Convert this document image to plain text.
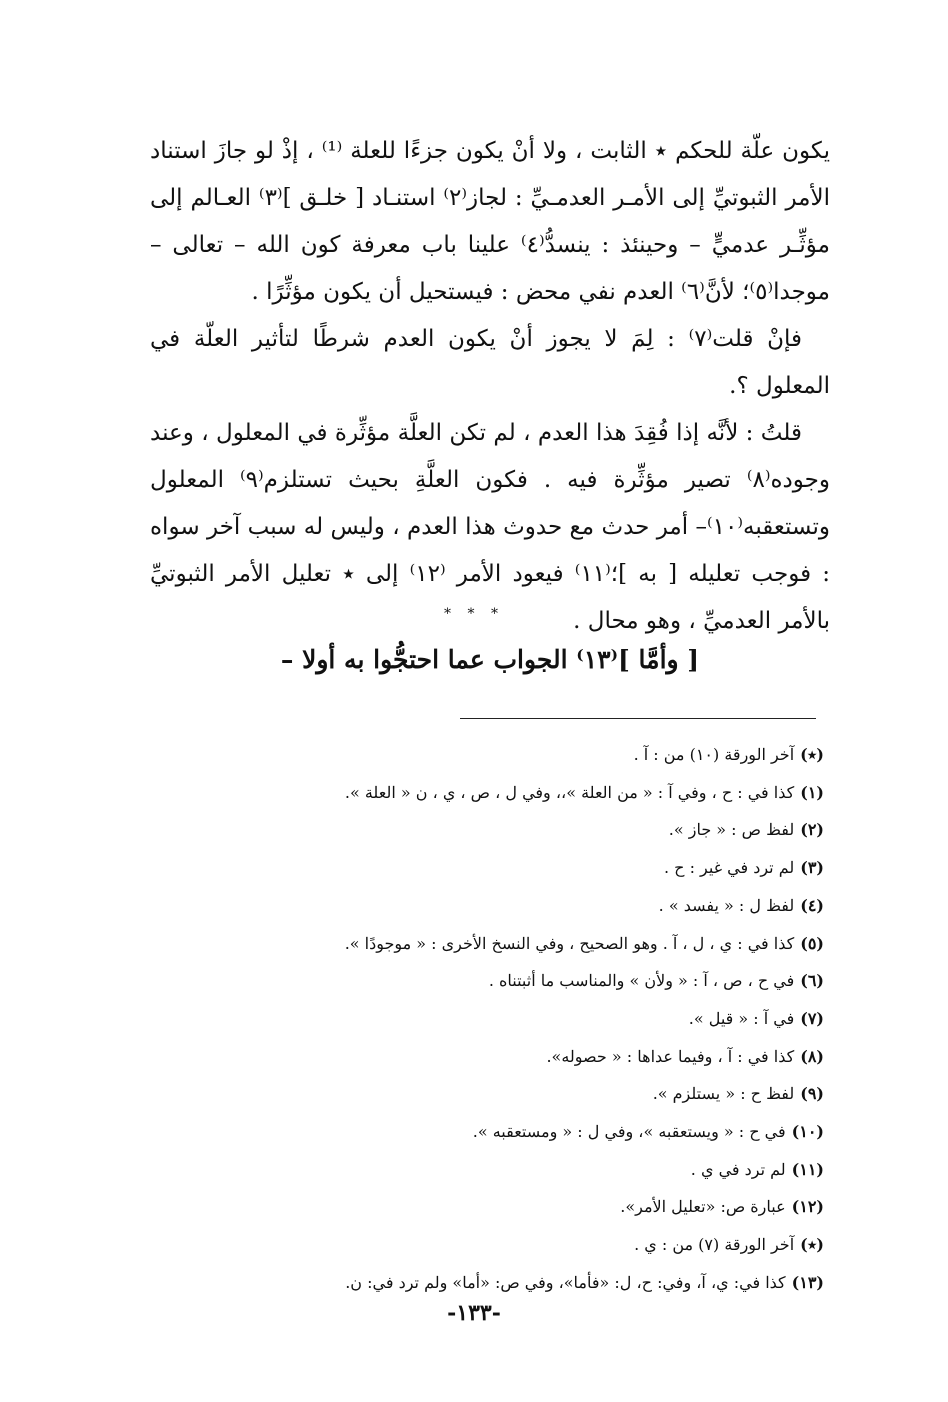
يكون علّة للحكم ٭ الثابت ، ولا أنْ يكون جزءًا للعلة ⁽¹⁾ ، إذْ لو جازَ استناد الأمر الثبوتيِّ إلى الأمـر العدمـيِّ : لجاز⁽٢⁾ استنـاد [ خلـق ]⁽٣⁾ العـالم إلى مؤثِّـر عدميٍّ – وحينئذ : ينسدُّ⁽٤⁾ علينا باب معرفة كون الله – تعالى – موجدا⁽٥⁾؛ لأنَّ⁽٦⁾ العدم نفي محض : فيستحيل أن يكون مؤثِّرًا .

فإنْ قلت⁽٧⁾ : لِمَ لا يجوز أنْ يكون العدم شرطًا لتأثير العلّة في المعلول ؟.

قلتُ : لأنَّه إذا فُقِدَ هذا العدم ، لم تكن العلَّة مؤثِّرة في المعلول ، وعند وجوده⁽٨⁾ تصير مؤثِّرة فيه . فكون العلَّةِ بحيث تستلزم⁽٩⁾ المعلول وتستعقبه⁽١٠⁾– أمر حدث مع حدوث هذا العدم ، وليس له سبب آخر سواه : فوجب تعليله [ به ]؛⁽١١⁾ فيعود الأمر ⁽١٢⁾ إلى ٭ تعليل الأمر الثبوتيِّ بالأمر العدميِّ ، وهو محال .

* * *
[ وأمَّا ]⁽١٣⁾ الجواب عما احتجُّوا به أولا –
(٭)آخر الورقة (١٠) من : آ .
(١)كذا في : ح ، وفي آ : « من العلة »،، وفي ل ، ص ، ي ، ن « العلة ».
(٢)لفظ ص : « جاز ».
(٣)لم ترد في غير : ح .
(٤)لفظ ل : « يفسد » .
(٥)كذا في : ي ، ل ، آ . وهو الصحيح ، وفي النسخ الأخرى : « موجودًا ».
(٦)في ح ، ص ، آ : « ولأن » والمناسب ما أثبتناه .
(٧)في آ : « قيل ».
(٨)كذا في : آ ، وفيما عداها : « حصوله».
(٩)لفظ ح : « يستلزم ».
(١٠)في ح : « ويستعقبه »، وفي ل : « ومستعقبه ».
(١١)لم ترد في ي .
(١٢)عبارة ص: «تعليل الأمر».
(٭)آخر الورقة (٧) من : ي .
(١٣)كذا في: ي، آ، وفي: ح، ل: «فأما»، وفي ص: «أما» ولم ترد في: ن.
-١٣٣-
